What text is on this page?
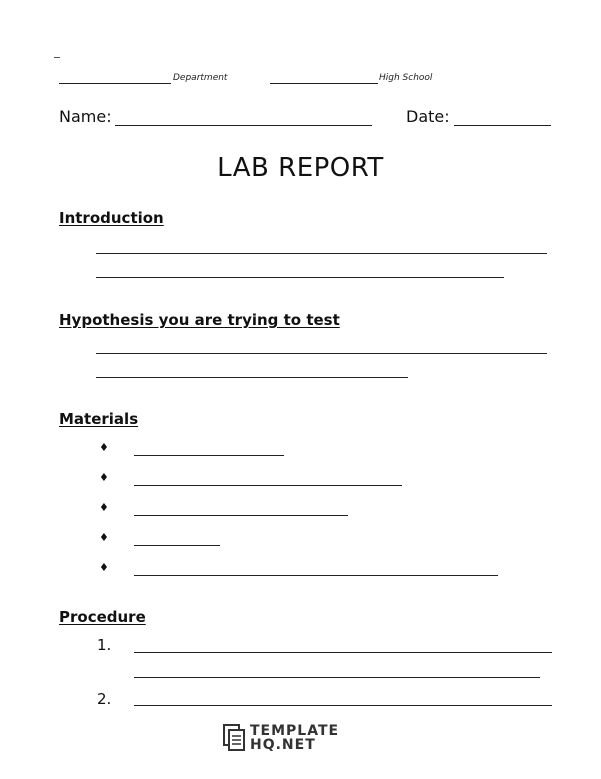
Department	High School
Name:	Date:
LAB REPORT
Introduction
Hypothesis you are trying to test
Materials
♦
♦
♦
♦
♦
Procedure
1.
2.
TEMPLATE
HQ.NET
